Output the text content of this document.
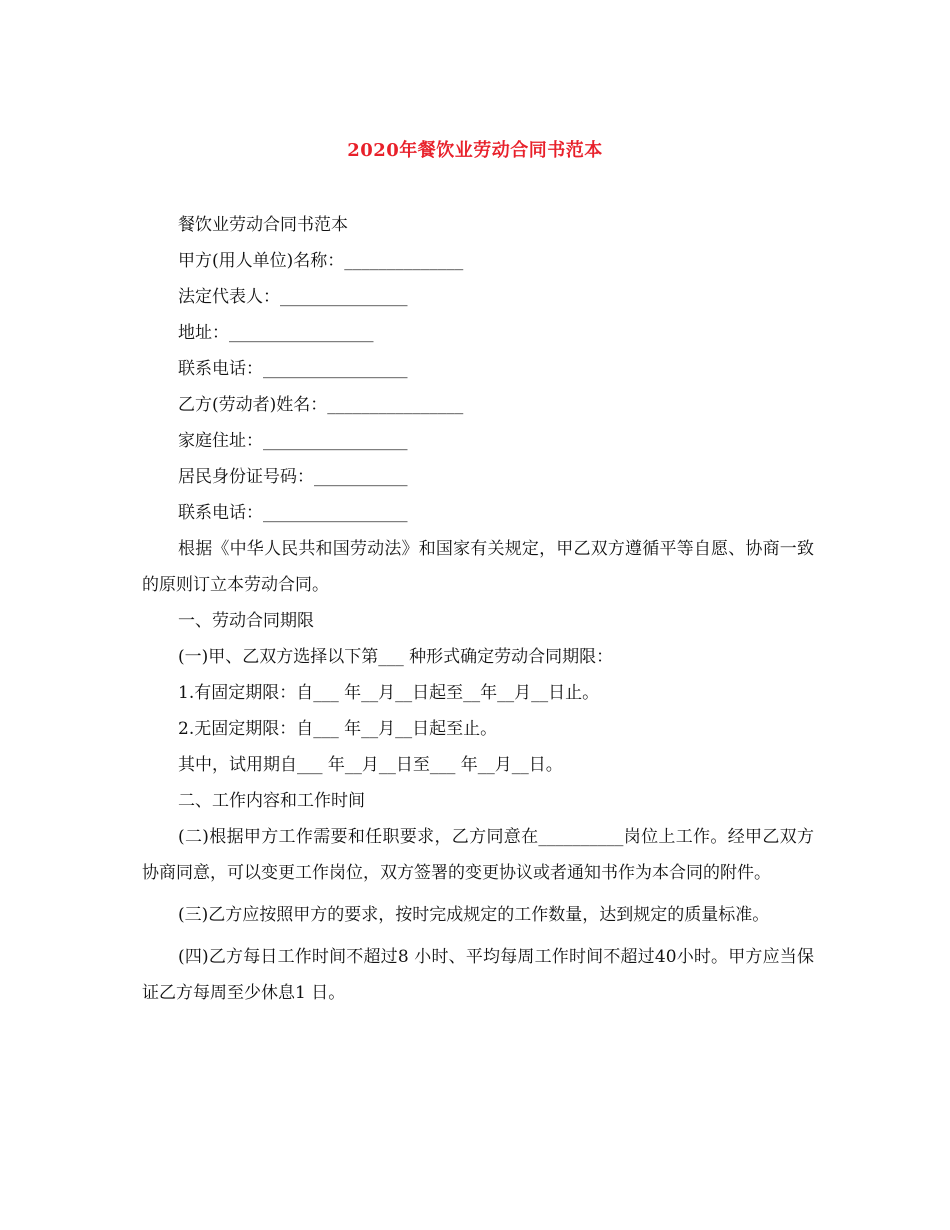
2020年餐饮业劳动合同书范本

餐饮业劳动合同书范本

甲方(用人单位)名称：______________

法定代表人：_______________

地址：_________________

联系电话：_________________

乙方(劳动者)姓名：________________

家庭住址：_________________

居民身份证号码：___________

联系电话：_________________

根据《中华人民共和国劳动法》和国家有关规定，甲乙双方遵循平等自愿、协商一致的原则订立本劳动合同。

一、劳动合同期限

(一)甲、乙双方选择以下第___ 种形式确定劳动合同期限：

1.有固定期限：自___ 年__月__日起至__年__月__日止。

2.无固定期限：自___ 年__月__日起至止。

其中，试用期自___ 年__月__日至___ 年__月__日。

二、工作内容和工作时间

(二)根据甲方工作需要和任职要求，乙方同意在__________岗位上工作。经甲乙双方协商同意，可以变更工作岗位，双方签署的变更协议或者通知书作为本合同的附件。

(三)乙方应按照甲方的要求，按时完成规定的工作数量，达到规定的质量标准。

(四)乙方每日工作时间不超过8 小时、平均每周工作时间不超过40小时。甲方应当保证乙方每周至少休息1 日。
